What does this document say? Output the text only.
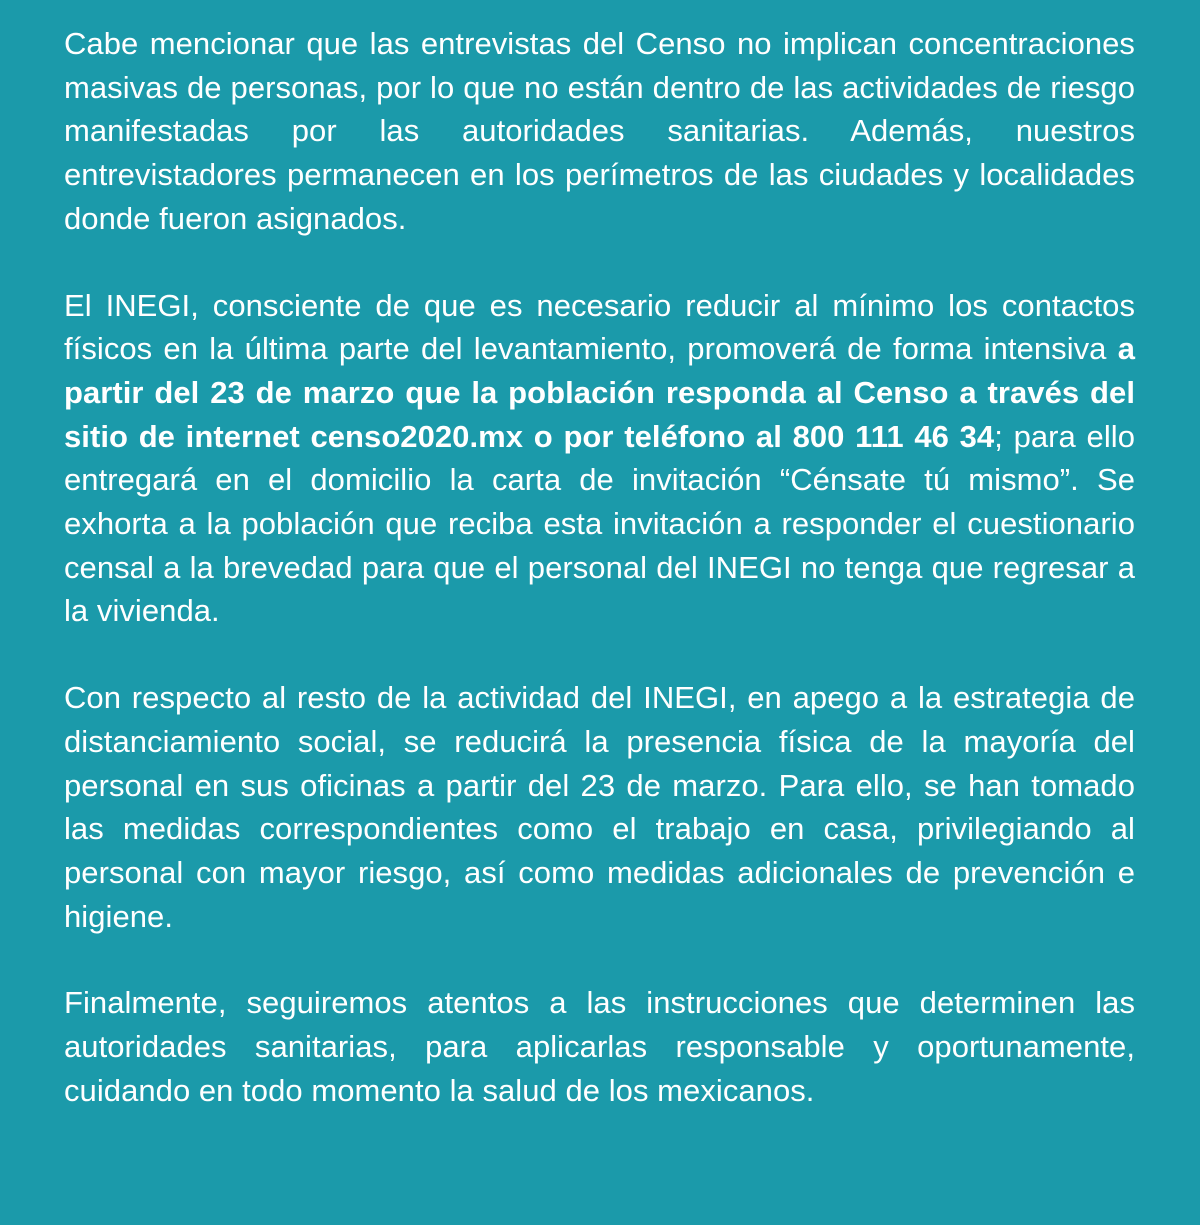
Cabe mencionar que las entrevistas del Censo no implican concentraciones masivas de personas, por lo que no están dentro de las actividades de riesgo manifestadas por las autoridades sanitarias. Además, nuestros entrevistadores permanecen en los perímetros de las ciudades y localidades donde fueron asignados.

El INEGI, consciente de que es necesario reducir al mínimo los contactos físicos en la última parte del levantamiento, promoverá de forma intensiva a partir del 23 de marzo que la población responda al Censo a través del sitio de internet censo2020.mx o por teléfono al 800 111 46 34; para ello entregará en el domicilio la carta de invitación “Cénsate tú mismo”. Se exhorta a la población que reciba esta invitación a responder el cuestionario censal a la brevedad para que el personal del INEGI no tenga que regresar a la vivienda.

Con respecto al resto de la actividad del INEGI, en apego a la estrategia de distanciamiento social, se reducirá la presencia física de la mayoría del personal en sus oficinas a partir del 23 de marzo. Para ello, se han tomado las medidas correspondientes como el trabajo en casa, privilegiando al personal con mayor riesgo, así como medidas adicionales de prevención e higiene.

Finalmente, seguiremos atentos a las instrucciones que determinen las autoridades sanitarias, para aplicarlas responsable y oportunamente, cuidando en todo momento la salud de los mexicanos.
